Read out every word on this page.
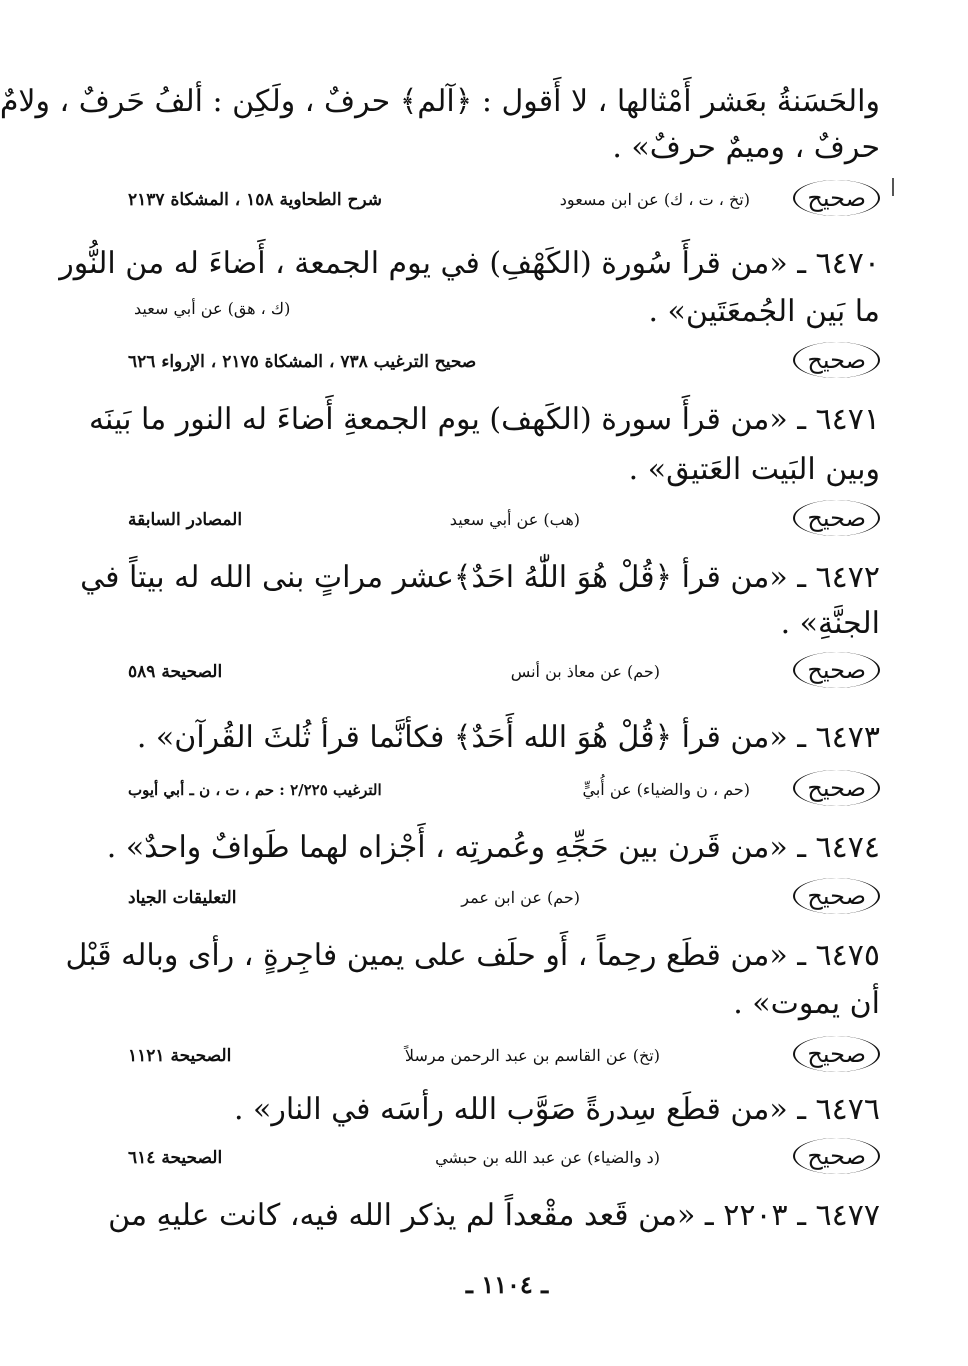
والحَسَنةُ بعَشر أَمْثالها ، لا أَقول : ﴿آلم﴾ حرفٌ ، ولَكِن : ألفُ حَرفٌ ، ولامٌ
حرفٌ ، وميمٌ حرفٌ» .
صحيح
(تخ ، ت ، ك) عن ابن مسعود
شرح الطحاوية ١٥٨ ، المشكاة ٢١٣٧
٦٤٧٠ ـ «من قرأَ سُورة (الكَهْفِ) في يوم الجمعة ، أَضاءَ له من النُّور
(ك ، هق) عن أبي سعيد	ما بَين الجُمعَتَين» .
صحيح
صحيح الترغيب ٧٣٨ ، المشكاة ٢١٧٥ ، الإرواء ٦٢٦
٦٤٧١ ـ «من قرأَ سورة (الكَهف) يوم الجمعةِ أَضاءَ له النور ما بَينَه
وبين البَيت العَتيق» .
صحيح
(هب) عن أبي سعيد
المصادر السابقة
٦٤٧٢ ـ «من قرأ ﴿قُلْ هُوَ اللّٰهُ احَدٌ﴾عشر مراتٍ بنى الله له بيتاً في
الجنَّةِ» .
صحيح
(حم) عن معاذ بن أنس
الصحيحة ٥٨٩
٦٤٧٣ ـ «من قرأ ﴿قُلْ هُوَ الله أَحَدٌ﴾ فكأنَّما قرأ ثُلثَ القُرآن» .
صحيح
(حم ، ن والضياء) عن أُبيٍّ
الترغيب ٢/٢٢٥ : حم ، ت ، ن ـ أبي أيوب
٦٤٧٤ ـ «من قَرن بين حَجِّهِ وعُمرتِه ، أَجْزاه لهما طَوافٌ واحدٌ» .
صحيح
(حم) عن ابن عمر
التعليقات الجياد
٦٤٧٥ ـ «من قطَع رحِماً ، أَو حلَف على يمين فاجِرةٍ ، رأى وباله قَبْل
أن يموت» .
صحيح
(تخ) عن القاسم بن عبد الرحمن مرسلاً
الصحيحة ١١٢١
٦٤٧٦ ـ «من قطَع سِدرةً صَوَّب الله رأسَه في النار» .
صحيح
(د والضياء) عن عبد الله بن حبشي
الصحيحة ٦١٤
٦٤٧٧ ـ ٢٢٠٣ ـ «من قَعد مقْعداً لم يذكر الله فيه، كانت عليهِ من
ـ ١١٠٤ ـ
